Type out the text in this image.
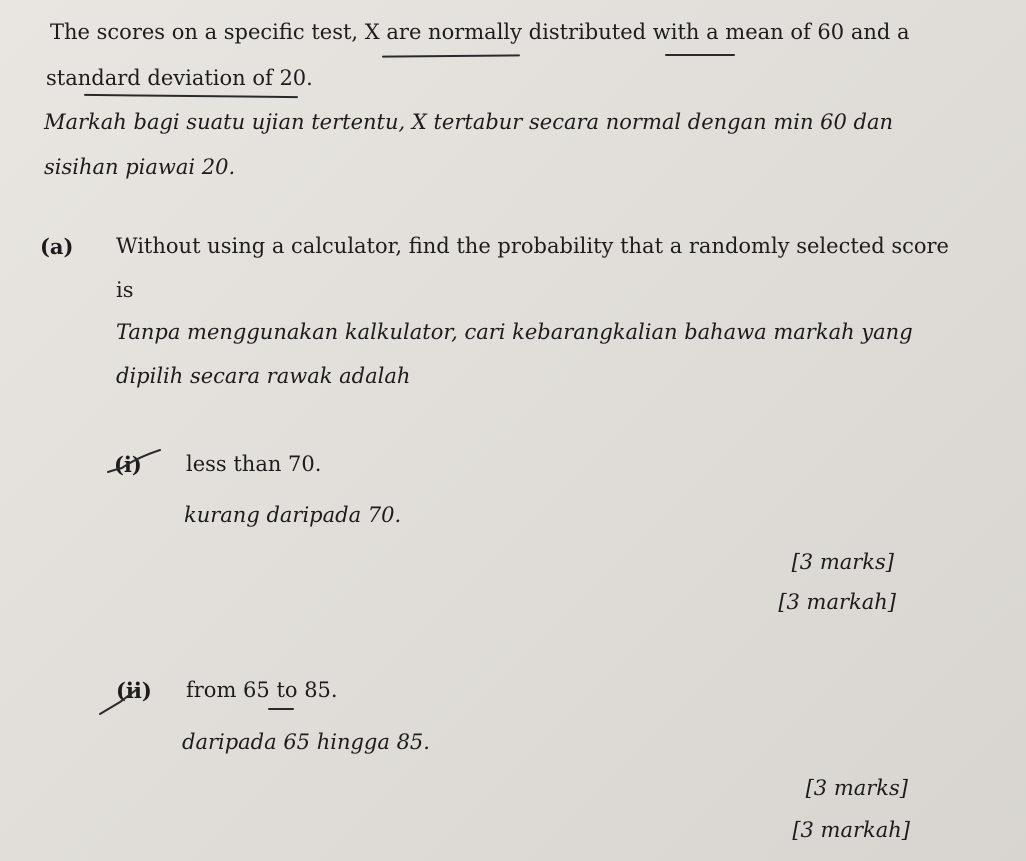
The scores on a specific test, X are normally distributed with a mean of 60 and a
standard deviation of 20.
Markah bagi suatu ujian tertentu, X tertabur secara normal dengan min 60 dan
sisihan piawai 20.
(a) Without using a calculator, find the probability that a randomly selected score
is
Tanpa menggunakan kalkulator, cari kebarangkalian bahawa markah yang
dipilih secara rawak adalah
(i) less than 70.
kurang daripada 70.
[3 marks]
[3 markah]
(ii) from 65 to 85.
daripada 65 hingga 85.
[3 marks]
[3 markah]
